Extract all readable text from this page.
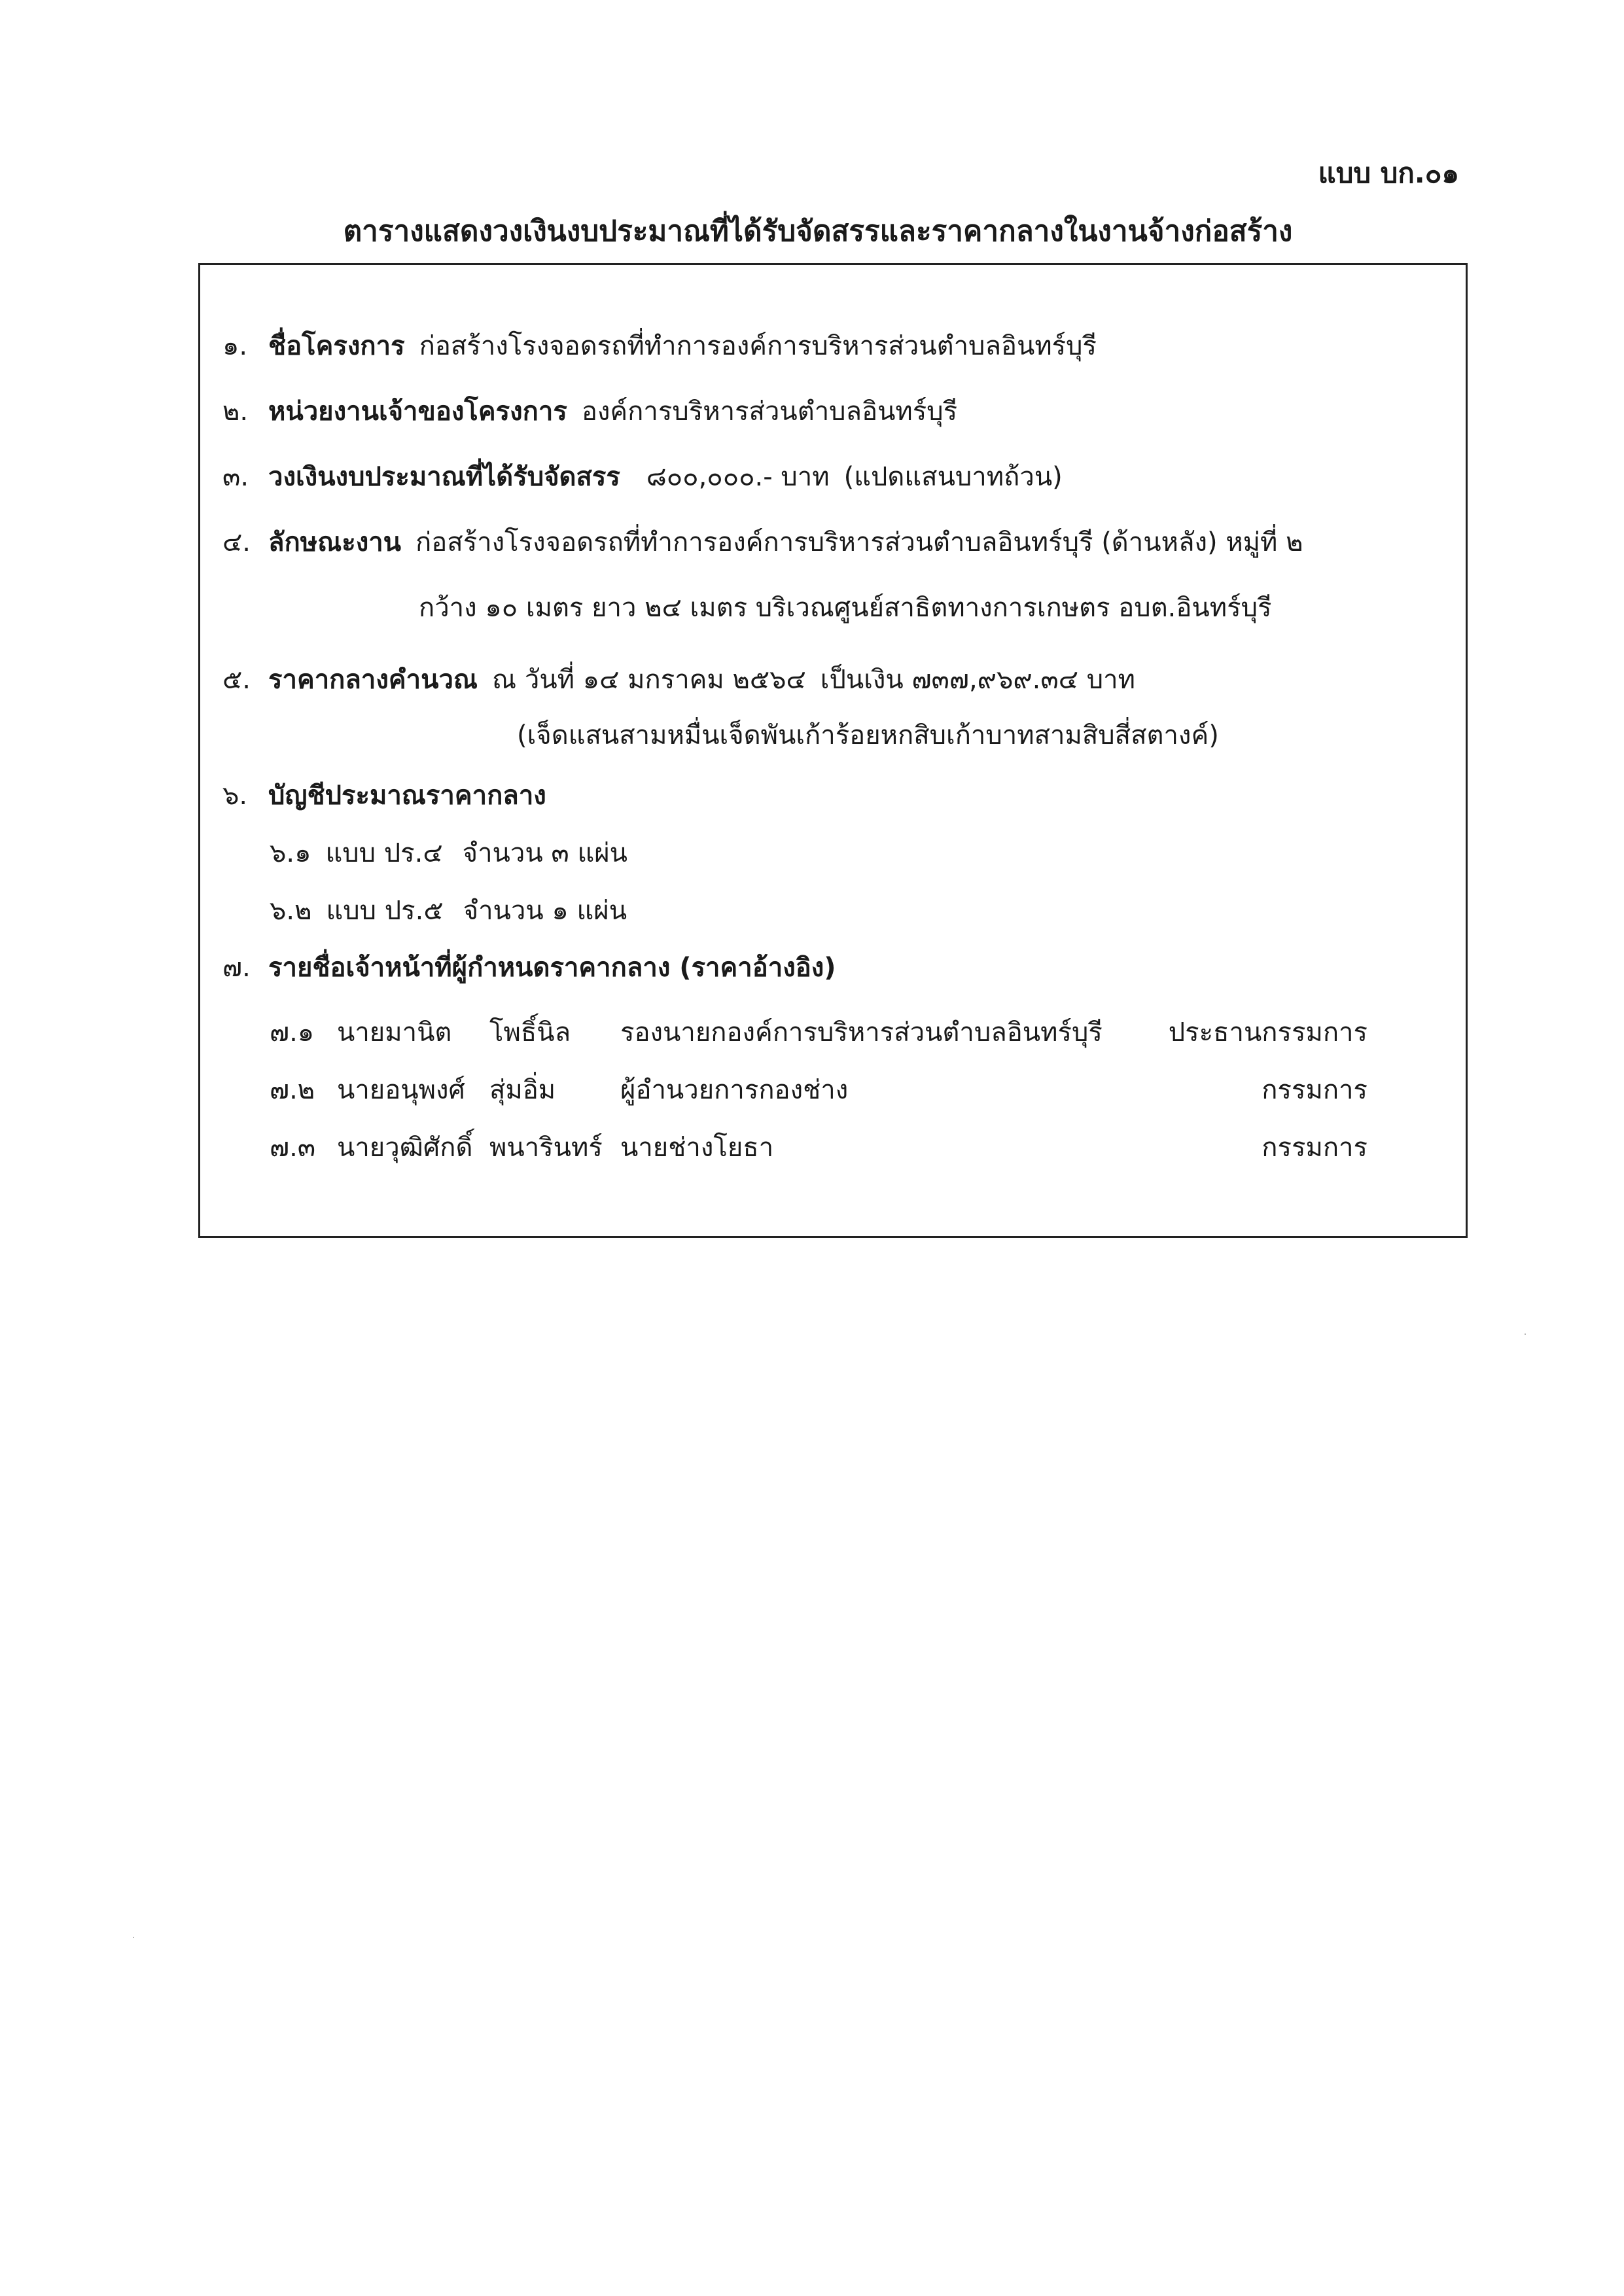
แบบ บก.๐๑
ตารางแสดงวงเงินงบประมาณที่ได้รับจัดสรรและราคากลางในงานจ้างก่อสร้าง
๑. ชื่อโครงการ ก่อสร้างโรงจอดรถที่ทำการองค์การบริหารส่วนตำบลอินทร์บุรี
๒. หน่วยงานเจ้าของโครงการ องค์การบริหารส่วนตำบลอินทร์บุรี
๓. วงเงินงบประมาณที่ได้รับจัดสรร ๘๐๐,๐๐๐.- บาท (แปดแสนบาทถ้วน)
๔. ลักษณะงาน ก่อสร้างโรงจอดรถที่ทำการองค์การบริหารส่วนตำบลอินทร์บุรี (ด้านหลัง) หมู่ที่ ๒
กว้าง ๑๐ เมตร ยาว ๒๔ เมตร บริเวณศูนย์สาธิตทางการเกษตร อบต.อินทร์บุรี
๕. ราคากลางคำนวณ ณ วันที่ ๑๔ มกราคม ๒๕๖๔ เป็นเงิน ๗๓๗,๙๖๙.๓๔ บาท
(เจ็ดแสนสามหมื่นเจ็ดพันเก้าร้อยหกสิบเก้าบาทสามสิบสี่สตางค์)
๖. บัญชีประมาณราคากลาง
๖.๑ แบบ ปร.๔ จำนวน ๓ แผ่น
๖.๒ แบบ ปร.๕ จำนวน ๑ แผ่น
๗. รายชื่อเจ้าหน้าที่ผู้กำหนดราคากลาง (ราคาอ้างอิง)
๗.๑ นายมานิต โพธิ์นิล รองนายกองค์การบริหารส่วนตำบลอินทร์บุรี	ประธานกรรมการ
๗.๒ นายอนุพงศ์ สุ่มอิ่ม ผู้อำนวยการกองช่าง	กรรมการ
๗.๓ นายวุฒิศักดิ์ พนารินทร์ นายช่างโยธา	กรรมการ
